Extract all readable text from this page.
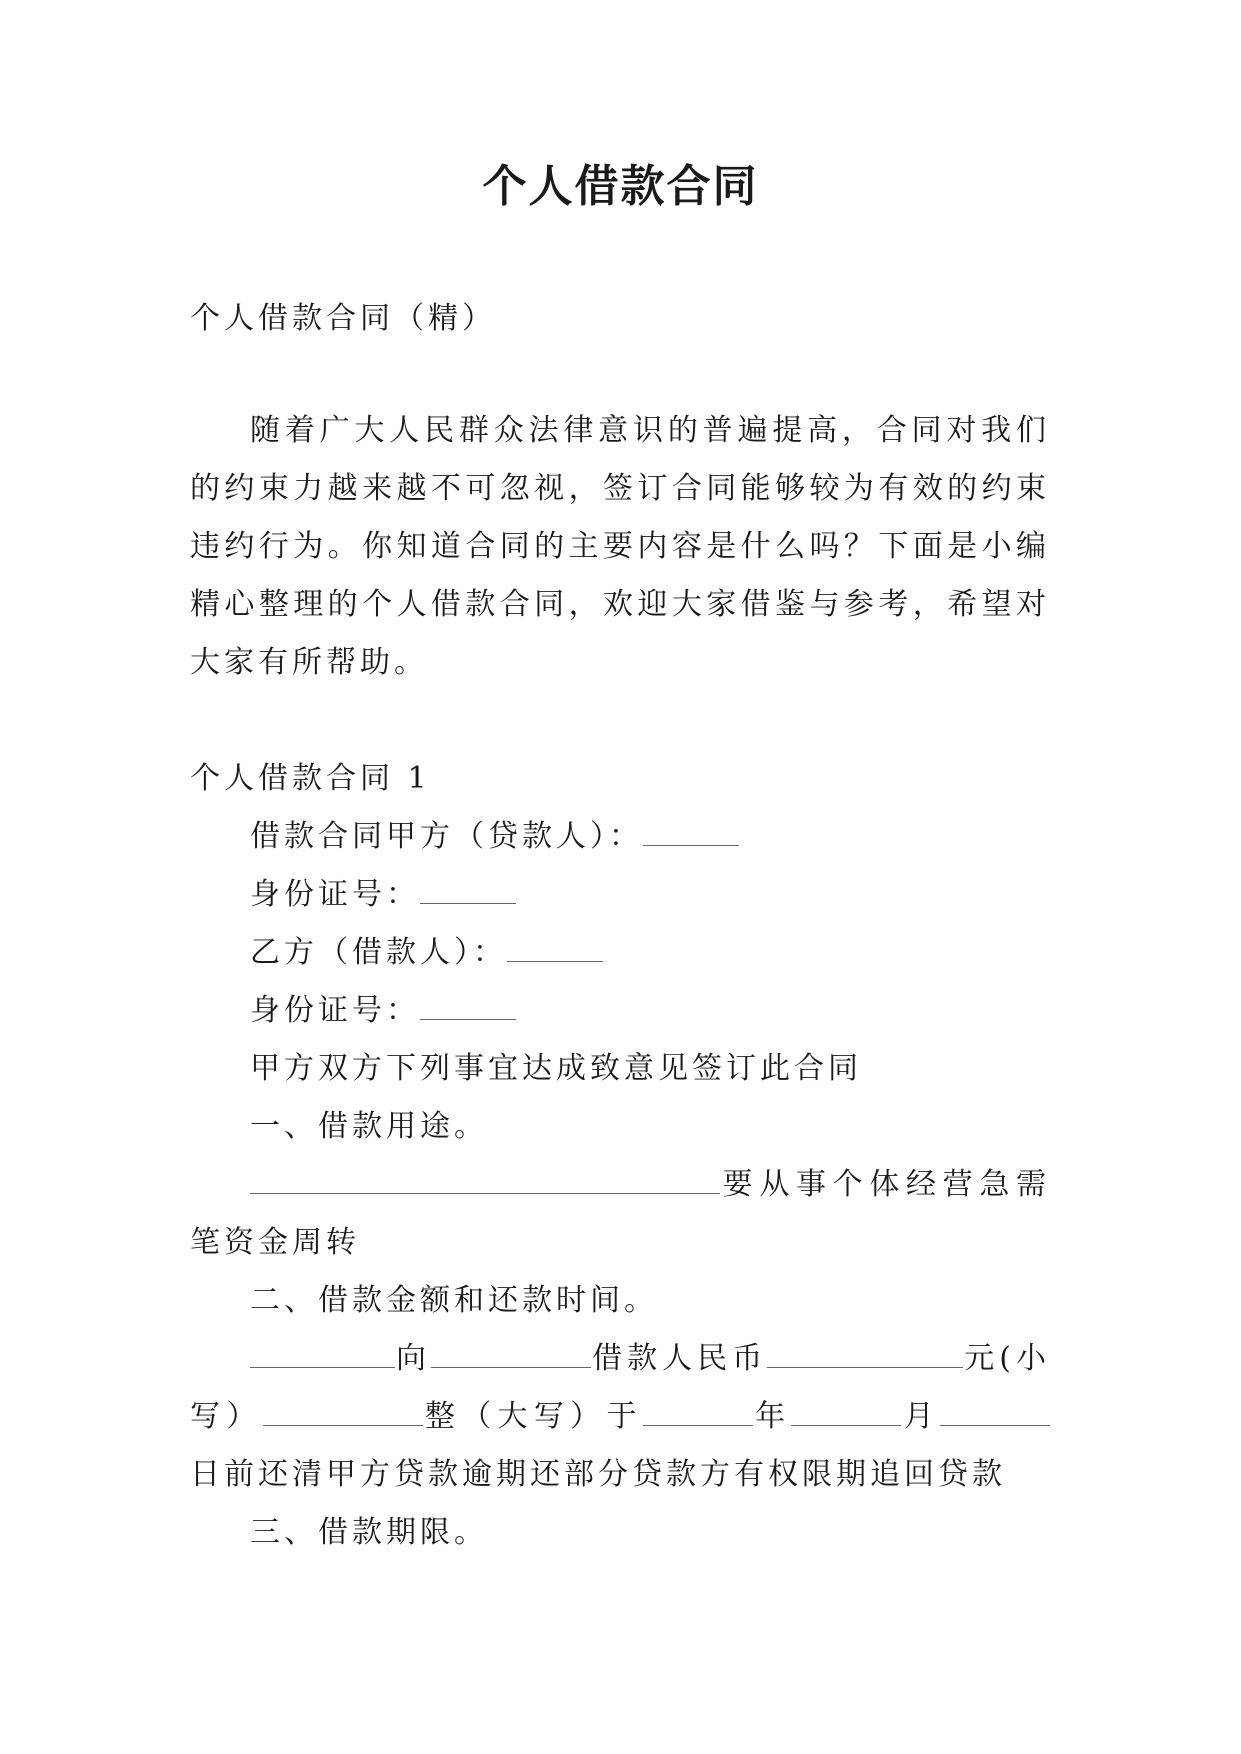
个人借款合同

个人借款合同（精）

随着广大人民群众法律意识的普遍提高，合同对我们的约束力越来越不可忽视，签订合同能够较为有效的约束违约行为。你知道合同的主要内容是什么吗？下面是小编精心整理的个人借款合同，欢迎大家借鉴与参考，希望对大家有所帮助。

个人借款合同 1

借款合同甲方（贷款人）：

身份证号：

乙方（借款人）：

身份证号：

甲方双方下列事宜达成致意见签订此合同

一、借款用途。

要从事个体经营急需笔资金周转

二、借款金额和还款时间。

向	借款人民币	元(小写）	整（大写）于	年	月日前还清甲方贷款逾期还部分贷款方有权限期追回贷款

三、借款期限。
